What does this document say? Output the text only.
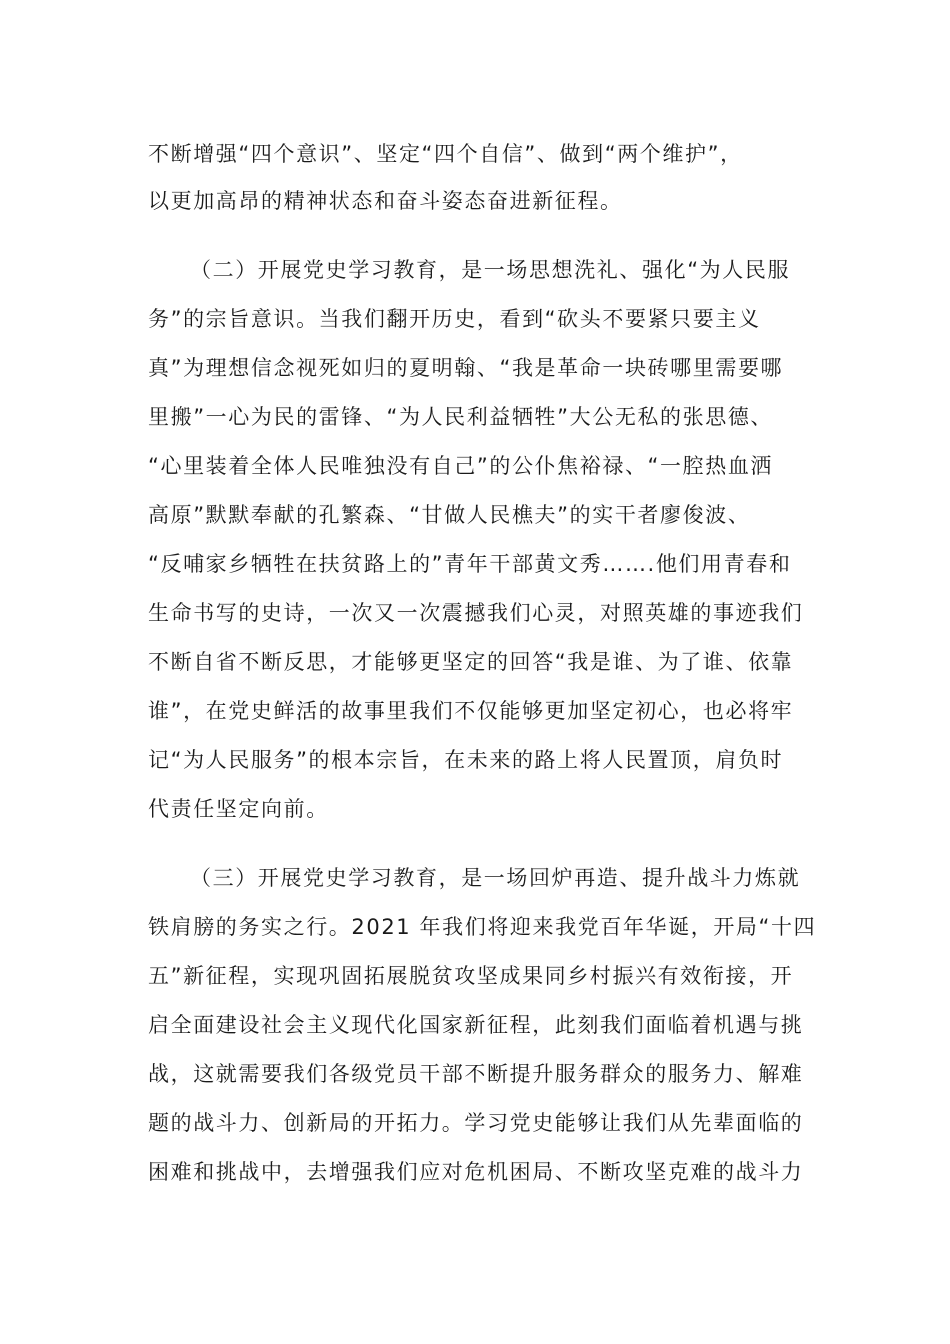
不断增强“四个意识”、坚定“四个自信”、做到“两个维护”，
以更加高昂的精神状态和奋斗姿态奋进新征程。
（二）开展党史学习教育，是一场思想洗礼、强化“为人民服
务”的宗旨意识。当我们翻开历史，看到“砍头不要紧只要主义
真”为理想信念视死如归的夏明翰、“我是革命一块砖哪里需要哪
里搬”一心为民的雷锋、“为人民利益牺牲”大公无私的张思德、
“心里装着全体人民唯独没有自己”的公仆焦裕禄、“一腔热血洒
高原”默默奉献的孔繁森、“甘做人民樵夫”的实干者廖俊波、
“反哺家乡牺牲在扶贫路上的”青年干部黄文秀…….他们用青春和
生命书写的史诗，一次又一次震撼我们心灵，对照英雄的事迹我们
不断自省不断反思，才能够更坚定的回答“我是谁、为了谁、依靠
谁”，在党史鲜活的故事里我们不仅能够更加坚定初心，也必将牢
记“为人民服务”的根本宗旨，在未来的路上将人民置顶，肩负时
代责任坚定向前。
（三）开展党史学习教育，是一场回炉再造、提升战斗力炼就
铁肩膀的务实之行。2021 年我们将迎来我党百年华诞，开局“十四
五”新征程，实现巩固拓展脱贫攻坚成果同乡村振兴有效衔接，开
启全面建设社会主义现代化国家新征程，此刻我们面临着机遇与挑
战，这就需要我们各级党员干部不断提升服务群众的服务力、解难
题的战斗力、创新局的开拓力。学习党史能够让我们从先辈面临的
困难和挑战中，去增强我们应对危机困局、不断攻坚克难的战斗力
